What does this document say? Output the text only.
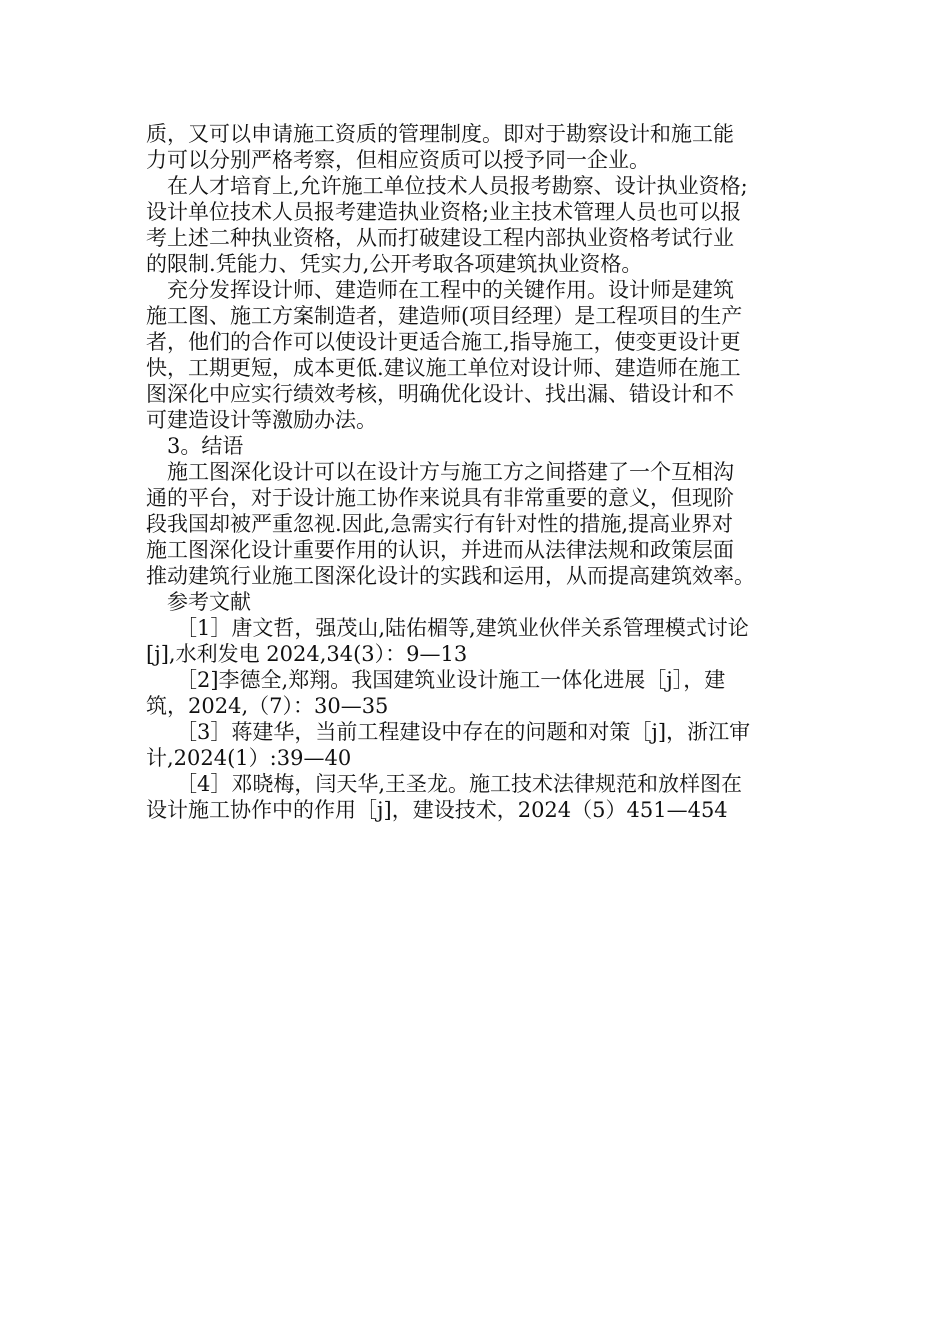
质，又可以申请施工资质的管理制度。即对于勘察设计和施工能
力可以分别严格考察，但相应资质可以授予同一企业。
在人才培育上,允许施工单位技术人员报考勘察、设计执业资格;
设计单位技术人员报考建造执业资格;业主技术管理人员也可以报
考上述二种执业资格，从而打破建设工程内部执业资格考试行业
的限制.凭能力、凭实力,公开考取各项建筑执业资格。
充分发挥设计师、建造师在工程中的关键作用。设计师是建筑
施工图、施工方案制造者，建造师(项目经理）是工程项目的生产
者，他们的合作可以使设计更适合施工,指导施工，使变更设计更
快，工期更短，成本更低.建议施工单位对设计师、建造师在施工
图深化中应实行绩效考核，明确优化设计、找出漏、错设计和不
可建造设计等激励办法。
3。结语
施工图深化设计可以在设计方与施工方之间搭建了一个互相沟
通的平台，对于设计施工协作来说具有非常重要的意义，但现阶
段我国却被严重忽视.因此,急需实行有针对性的措施,提高业界对
施工图深化设计重要作用的认识，并进而从法律法规和政策层面
推动建筑行业施工图深化设计的实践和运用，从而提高建筑效率。
参考文献
［1］唐文哲，强茂山,陆佑楣等,建筑业伙伴关系管理模式讨论
[j],水利发电 2024,34(3）：9—13
［2]李德全,郑翔。我国建筑业设计施工一体化进展［j］，建
筑，2024,（7）：30—35
［3］蒋建华，当前工程建设中存在的问题和对策［j]，浙江审
计,2024(1）:39—40
［4］邓晓梅，闫天华,王圣龙。施工技术法律规范和放样图在
设计施工协作中的作用［j]，建设技术，2024（5）451—454
